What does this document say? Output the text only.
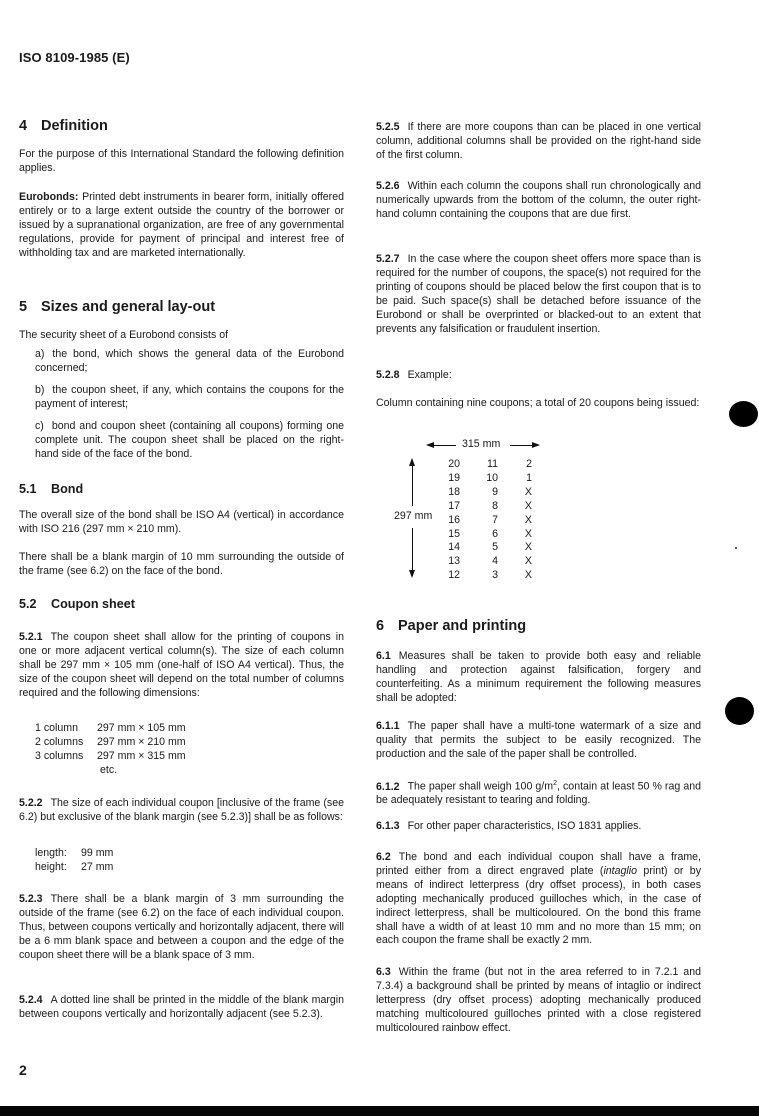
ISO 8109-1985 (E)
4 Definition

For the purpose of this International Standard the following definition applies.

Eurobonds: Printed debt instruments in bearer form, initially offered entirely or to a large extent outside the country of the borrower or issued by a supranational organization, are free of any governmental regulations, provide for payment of principal and interest free of withholding tax and are marketed internationally.

5 Sizes and general lay-out

The security sheet of a Eurobond consists of

a) the bond, which shows the general data of the Eurobond concerned;

b) the coupon sheet, if any, which contains the coupons for the payment of interest;

c) bond and coupon sheet (containing all coupons) forming one complete unit. The coupon sheet shall be placed on the right-hand side of the face of the bond.

5.1 Bond

The overall size of the bond shall be ISO A4 (vertical) in accordance with ISO 216 (297 mm × 210 mm).

There shall be a blank margin of 10 mm surrounding the outside of the frame (see 6.2) on the face of the bond.

5.2 Coupon sheet

5.2.1 The coupon sheet shall allow for the printing of coupons in one or more adjacent vertical column(s). The size of each column shall be 297 mm × 105 mm (one-half of ISO A4 vertical). Thus, the size of the coupon sheet will depend on the total number of columns required and the following dimensions:

1 column	297 mm × 105 mm
2 columns	297 mm × 210 mm
3 columns	297 mm × 315 mm
etc.

5.2.2 The size of each individual coupon [inclusive of the frame (see 6.2) but exclusive of the blank margin (see 5.2.3)] shall be as follows:

length:	99 mm
height:	27 mm

5.2.3 There shall be a blank margin of 3 mm surrounding the outside of the frame (see 6.2) on the face of each individual coupon. Thus, between coupons vertically and horizontally adjacent, there will be a 6 mm blank space and between a coupon and the edge of the coupon sheet there will be a blank space of 3 mm.

5.2.4 A dotted line shall be printed in the middle of the blank margin between coupons vertically and horizontally adjacent (see 5.2.3).

5.2.5 If there are more coupons than can be placed in one vertical column, additional columns shall be provided on the right-hand side of the first column.

5.2.6 Within each column the coupons shall run chronologically and numerically upwards from the bottom of the column, the outer right-hand column containing the coupons that are due first.

5.2.7 In the case where the coupon sheet offers more space than is required for the number of coupons, the space(s) not required for the printing of coupons should be placed below the first coupon that is to be paid. Such space(s) shall be detached before issuance of the Eurobond or shall be overprinted or blacked-out to an extent that prevents any falsification or fraudulent insertion.

5.2.8 Example:

Column containing nine coupons; a total of 20 coupons being issued:

315 mm
297 mm
20	11	2
19	10	1
18	9	X
17	8	X
16	7	X
15	6	X
14	5	X
13	4	X
12	3	X
6 Paper and printing

6.1 Measures shall be taken to provide both easy and reliable handling and protection against falsification, forgery and counterfeiting. As a minimum requirement the following measures shall be adopted:

6.1.1 The paper shall have a multi-tone watermark of a size and quality that permits the subject to be easily recognized. The production and the sale of the paper shall be controlled.

6.1.2 The paper shall weigh 100 $g/m^2$, contain at least 50 % rag and be adequately resistant to tearing and folding.

6.1.3 For other paper characteristics, ISO 1831 applies.

6.2 The bond and each individual coupon shall have a frame, printed either from a direct engraved plate (intaglio print) or by means of indirect letterpress (dry offset process), in both cases adopting mechanically produced guilloches which, in the case of indirect letterpress, shall be multicoloured. On the bond this frame shall have a width of at least 10 mm and no more than 15 mm; on each coupon the frame shall be exactly 2 mm.

6.3 Within the frame (but not in the area referred to in 7.2.1 and 7.3.4) a background shall be printed by means of intaglio or indirect letterpress (dry offset process) adopting mechanically produced matching multicoloured guilloches printed with a close registered multicoloured rainbow effect.

2
